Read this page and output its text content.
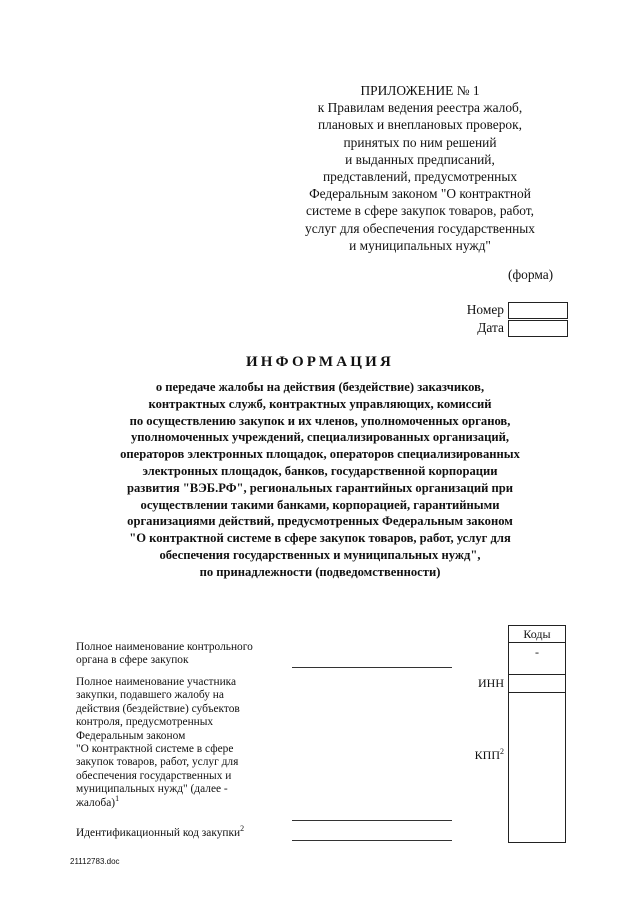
ПРИЛОЖЕНИЕ № 1
к Правилам ведения реестра жалоб,
плановых и внеплановых проверок,
принятых по ним решений
и выданных предписаний,
представлений, предусмотренных
Федеральным законом "О контрактной
системе в сфере закупок товаров, работ,
услуг для обеспечения государственных
и муниципальных нужд"
(форма)
Номер
Дата
ИНФОРМАЦИЯ
о передаче жалобы на действия (бездействие) заказчиков,
контрактных служб, контрактных управляющих, комиссий
по осуществлению закупок и их членов, уполномоченных органов,
уполномоченных учреждений, специализированных организаций,
операторов электронных площадок, операторов специализированных
электронных площадок, банков, государственной корпорации
развития "ВЭБ.РФ", региональных гарантийных организаций при
осуществлении такими банками, корпорацией, гарантийными
организациями действий, предусмотренных Федеральным законом
"О контрактной системе в сфере закупок товаров, работ, услуг для
обеспечения государственных и муниципальных нужд",
по принадлежности (подведомственности)
Коды
-
Полное наименование контрольного
органа в сфере закупок
Полное наименование участника
закупки, подавшего жалобу на
действия (бездействие) субъектов
контроля, предусмотренных
Федеральным законом
"О контрактной системе в сфере
закупок товаров, работ, услуг для
обеспечения государственных и
муниципальных нужд" (далее -
жалоба)$^1$
ИНН
КПП$^2$
Идентификационный код закупки$^2$
21112783.doc
